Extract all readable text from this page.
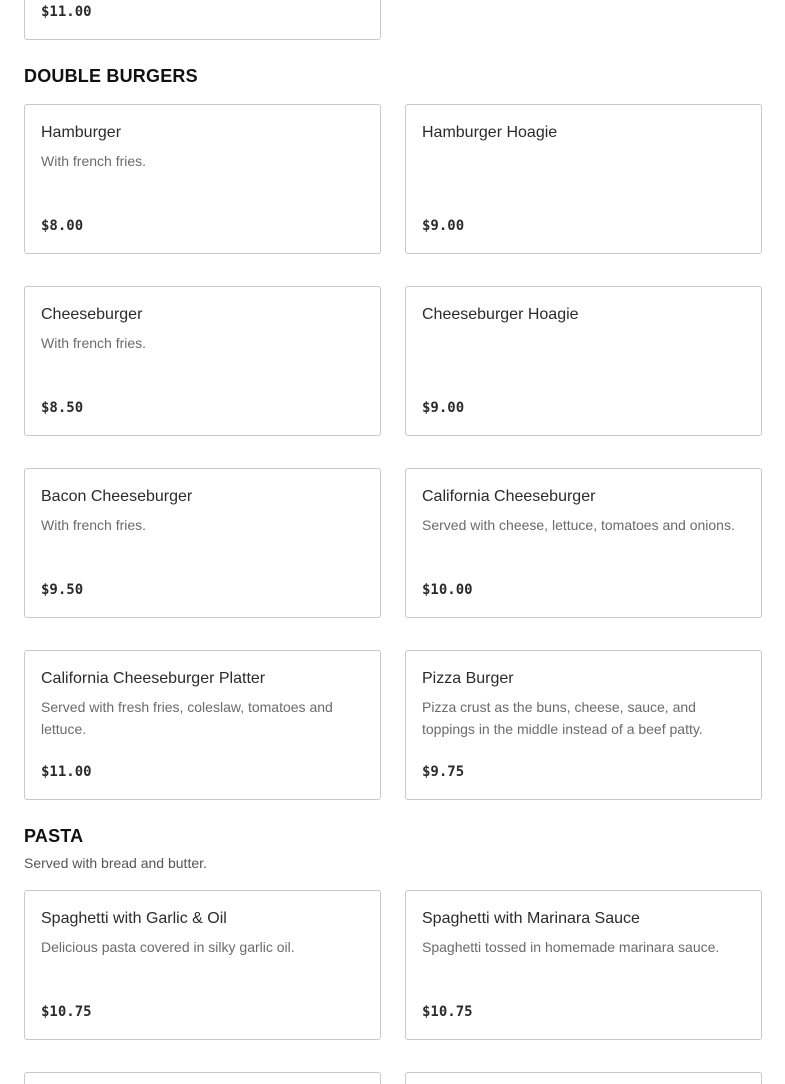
$11.00
DOUBLE BURGERS
Hamburger
With french fries.
$8.00
Hamburger Hoagie
$9.00
Cheeseburger
With french fries.
$8.50
Cheeseburger Hoagie
$9.00
Bacon Cheeseburger
With french fries.
$9.50
California Cheeseburger
Served with cheese, lettuce, tomatoes and onions.
$10.00
California Cheeseburger Platter
Served with fresh fries, coleslaw, tomatoes and lettuce.
$11.00
Pizza Burger
Pizza crust as the buns, cheese, sauce, and toppings in the middle instead of a beef patty.
$9.75
PASTA
Served with bread and butter.
Spaghetti with Garlic & Oil
Delicious pasta covered in silky garlic oil.
$10.75
Spaghetti with Marinara Sauce
Spaghetti tossed in homemade marinara sauce.
$10.75
